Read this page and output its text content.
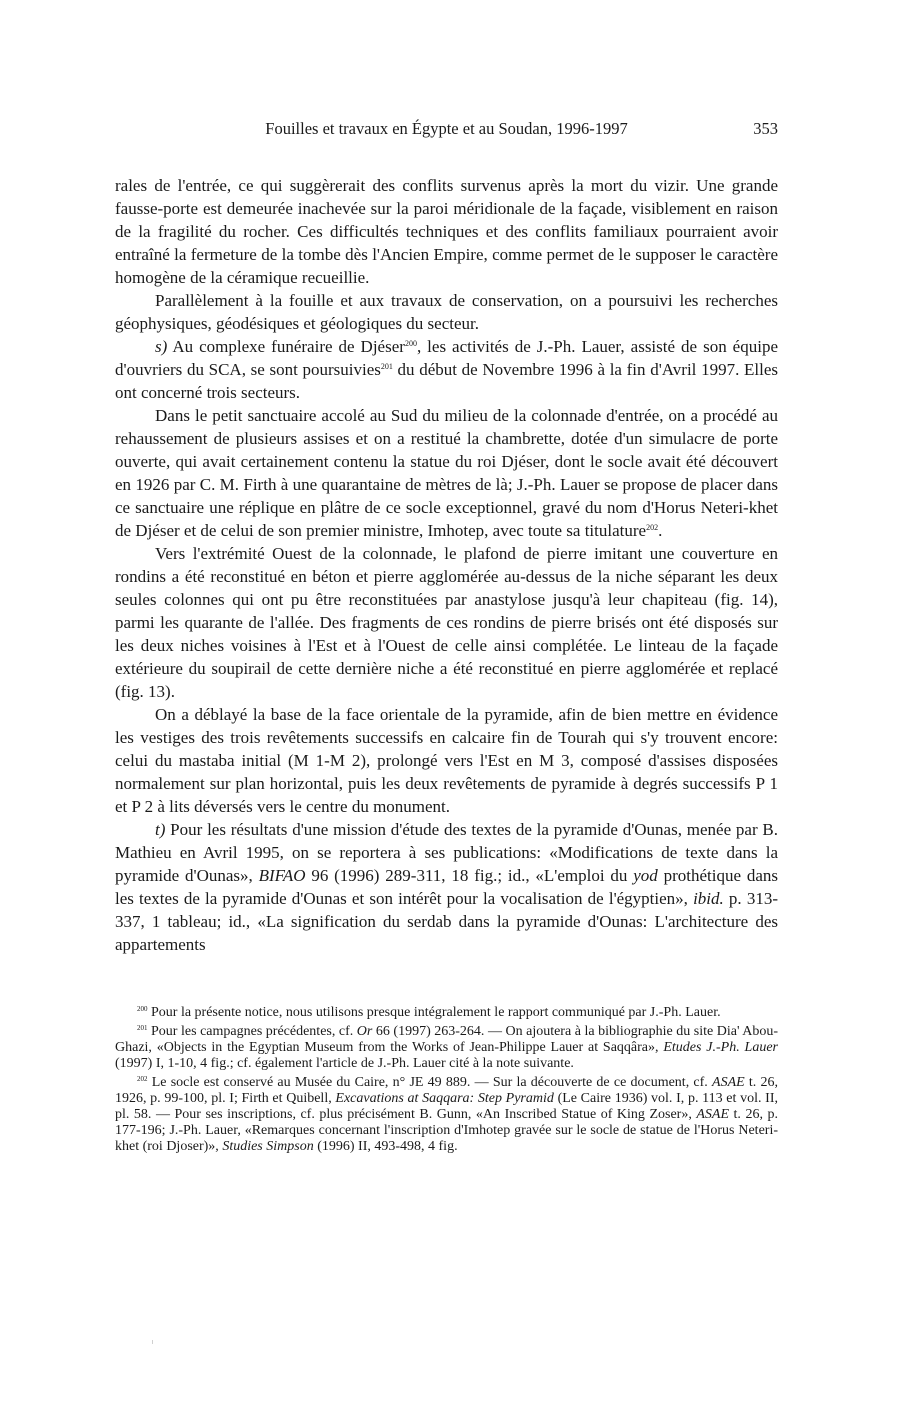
Fouilles et travaux en Égypte et au Soudan, 1996-1997	353

rales de l'entrée, ce qui suggèrerait des conflits survenus après la mort du vizir. Une grande fausse-porte est demeurée inachevée sur la paroi méridionale de la façade, visiblement en raison de la fragilité du rocher. Ces difficultés techniques et des conflits familiaux pourraient avoir entraîné la fermeture de la tombe dès l'Ancien Empire, comme permet de le supposer le caractère homogène de la céramique recueillie.

Parallèlement à la fouille et aux travaux de conservation, on a poursuivi les recherches géophysiques, géodésiques et géologiques du secteur.

s) Au complexe funéraire de Djéser$^{200}$, les activités de J.-Ph. Lauer, assisté de son équipe d'ouvriers du SCA, se sont poursuivies$^{201}$ du début de Novembre 1996 à la fin d'Avril 1997. Elles ont concerné trois secteurs.

Dans le petit sanctuaire accolé au Sud du milieu de la colonnade d'entrée, on a procédé au rehaussement de plusieurs assises et on a restitué la chambrette, dotée d'un simulacre de porte ouverte, qui avait certainement contenu la statue du roi Djéser, dont le socle avait été découvert en 1926 par C. M. Firth à une quarantaine de mètres de là; J.-Ph. Lauer se propose de placer dans ce sanctuaire une réplique en plâtre de ce socle exceptionnel, gravé du nom d'Horus Neteri-khet de Djéser et de celui de son premier ministre, Imhotep, avec toute sa titulature$^{202}$.

Vers l'extrémité Ouest de la colonnade, le plafond de pierre imitant une couverture en rondins a été reconstitué en béton et pierre agglomérée au-dessus de la niche séparant les deux seules colonnes qui ont pu être reconstituées par anastylose jusqu'à leur chapiteau (fig. 14), parmi les quarante de l'allée. Des fragments de ces rondins de pierre brisés ont été disposés sur les deux niches voisines à l'Est et à l'Ouest de celle ainsi complétée. Le linteau de la façade extérieure du soupirail de cette dernière niche a été reconstitué en pierre agglomérée et replacé (fig. 13).

On a déblayé la base de la face orientale de la pyramide, afin de bien mettre en évidence les vestiges des trois revêtements successifs en calcaire fin de Tourah qui s'y trouvent encore: celui du mastaba initial (M 1-M 2), prolongé vers l'Est en M 3, composé d'assises disposées normalement sur plan horizontal, puis les deux revêtements de pyramide à degrés successifs P 1 et P 2 à lits déversés vers le centre du monument.

t) Pour les résultats d'une mission d'étude des textes de la pyramide d'Ounas, menée par B. Mathieu en Avril 1995, on se reportera à ses publications: «Modifications de texte dans la pyramide d'Ounas», BIFAO 96 (1996) 289-311, 18 fig.; id., «L'emploi du yod prothétique dans les textes de la pyramide d'Ounas et son intérêt pour la vocalisation de l'égyptien», ibid. p. 313-337, 1 tableau; id., «La signification du serdab dans la pyramide d'Ounas: L'architecture des appartements

$^{200}$ Pour la présente notice, nous utilisons presque intégralement le rapport communiqué par J.-Ph. Lauer.

$^{201}$ Pour les campagnes précédentes, cf. Or 66 (1997) 263-264. — On ajoutera à la bibliographie du site Dia' Abou-Ghazi, «Objects in the Egyptian Museum from the Works of Jean-Philippe Lauer at Saqqâra», Etudes J.-Ph. Lauer (1997) I, 1-10, 4 fig.; cf. également l'article de J.-Ph. Lauer cité à la note suivante.

$^{202}$ Le socle est conservé au Musée du Caire, n° JE 49 889. — Sur la découverte de ce document, cf. ASAE t. 26, 1926, p. 99-100, pl. I; Firth et Quibell, Excavations at Saqqara: Step Pyramid (Le Caire 1936) vol. I, p. 113 et vol. II, pl. 58. — Pour ses inscriptions, cf. plus précisément B. Gunn, «An Inscribed Statue of King Zoser», ASAE t. 26, p. 177-196; J.-Ph. Lauer, «Remarques concernant l'inscription d'Imhotep gravée sur le socle de statue de l'Horus Neteri-khet (roi Djoser)», Studies Simpson (1996) II, 493-498, 4 fig.
